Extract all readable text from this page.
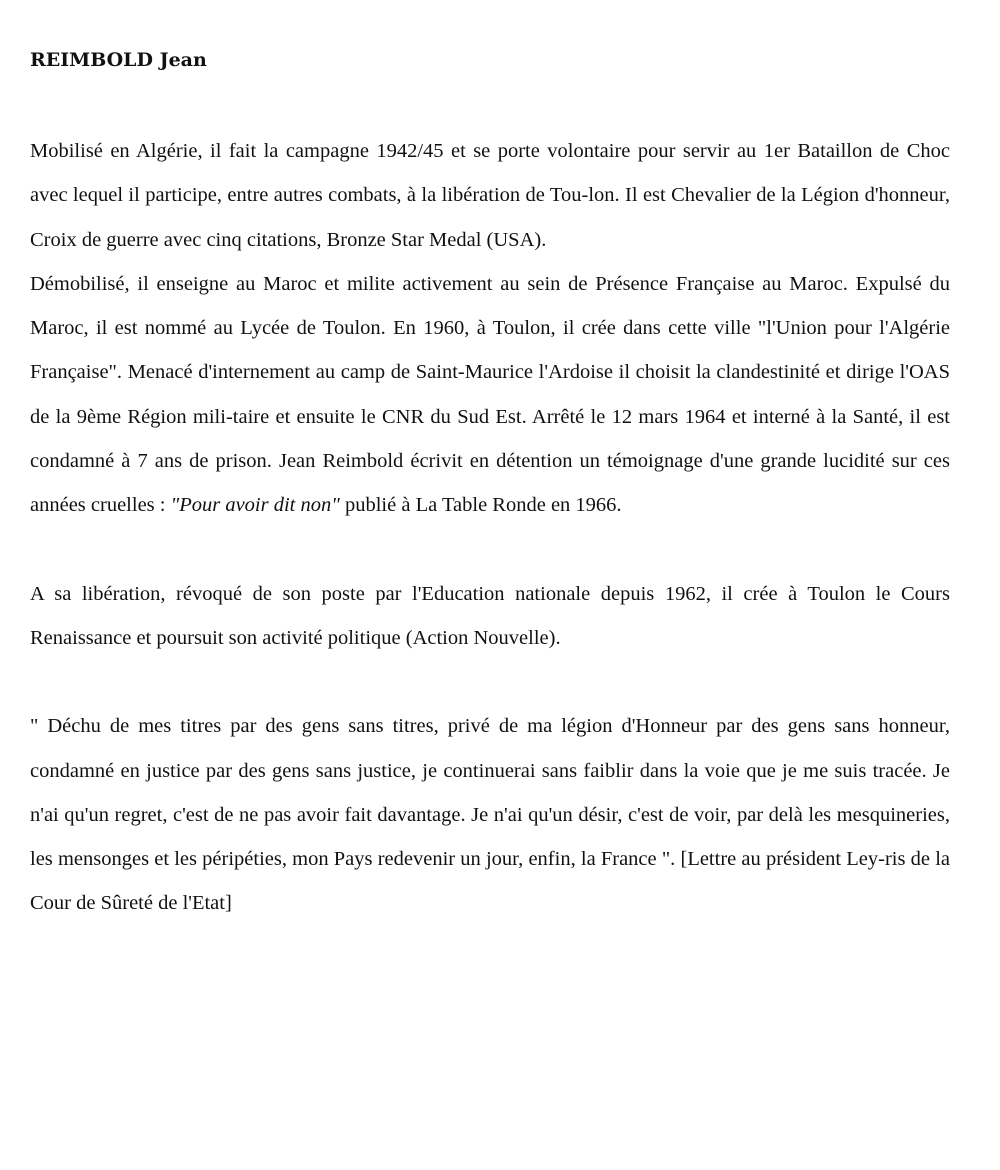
REIMBOLD Jean

Mobilisé en Algérie, il fait la campagne 1942/45 et se porte volontaire pour servir au 1er Bataillon de Choc avec lequel il participe, entre autres combats, à la libération de Tou-lon. Il est Chevalier de la Légion d'honneur, Croix de guerre avec cinq citations, Bronze Star Medal (USA).

Démobilisé, il enseigne au Maroc et milite activement au sein de Présence Française au Maroc. Expulsé du Maroc, il est nommé au Lycée de Toulon. En 1960, à Toulon, il crée dans cette ville "l'Union pour l'Algérie Française". Menacé d'internement au camp de Saint-Maurice l'Ardoise il choisit la clandestinité et dirige l'OAS de la 9ème Région mili-taire et ensuite le CNR du Sud Est. Arrêté le 12 mars 1964 et interné à la Santé, il est condamné à 7 ans de prison. Jean Reimbold écrivit en détention un témoignage d'une grande lucidité sur ces années cruelles : "Pour avoir dit non" publié à La Table Ronde en 1966.

A sa libération, révoqué de son poste par l'Education nationale depuis 1962, il crée à Toulon le Cours Renaissance et poursuit son activité politique (Action Nouvelle).

" Déchu de mes titres par des gens sans titres, privé de ma légion d'Honneur par des gens sans honneur, condamné en justice par des gens sans justice, je continuerai sans faiblir dans la voie que je me suis tracée. Je n'ai qu'un regret, c'est de ne pas avoir fait davantage. Je n'ai qu'un désir, c'est de voir, par delà les mesquineries, les mensonges et les péripéties, mon Pays redevenir un jour, enfin, la France ". [Lettre au président Ley-ris de la Cour de Sûreté de l'Etat]
